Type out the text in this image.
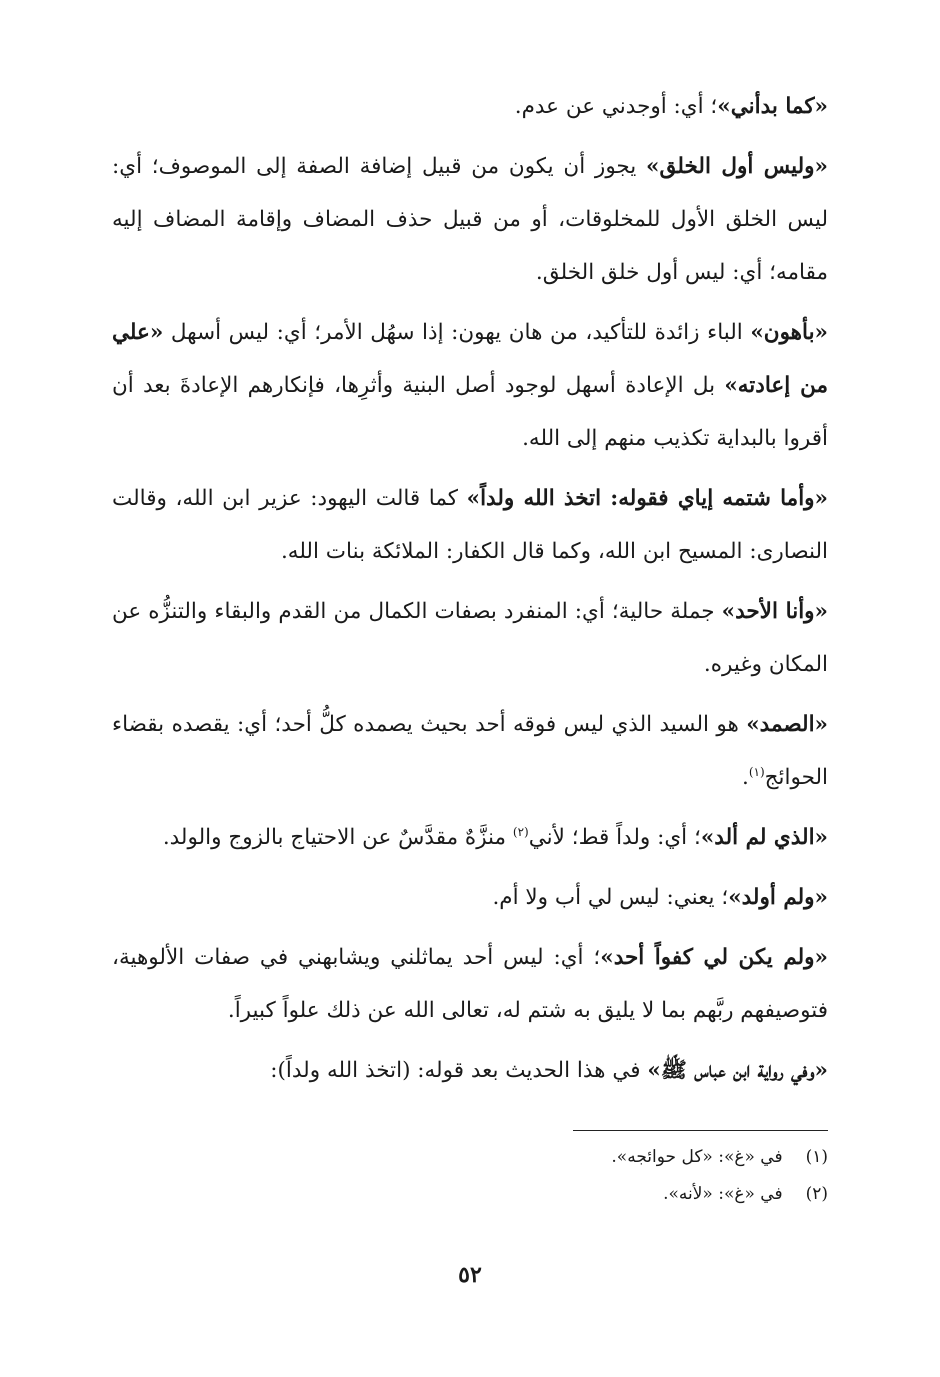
«كما بدأني»؛ أي: أوجدني عن عدم.

«وليس أول الخلق» يجوز أن يكون من قبيل إضافة الصفة إلى الموصوف؛ أي: ليس الخلق الأول للمخلوقات، أو من قبيل حذف المضاف وإقامة المضاف إليه مقامه؛ أي: ليس أول خلق الخلق.

«بأهون» الباء زائدة للتأكيد، من هان يهون: إذا سهُل الأمر؛ أي: ليس أسهل «علي من إعادته» بل الإعادة أسهل لوجود أصل البنية وأثرِها، فإنكارهم الإعادةَ بعد أن أقروا بالبداية تكذيب منهم إلى الله.

«وأما شتمه إياي فقوله: اتخذ الله ولداً» كما قالت اليهود: عزير ابن الله، وقالت النصارى: المسيح ابن الله، وكما قال الكفار: الملائكة بنات الله.

«وأنا الأحد» جملة حالية؛ أي: المنفرد بصفات الكمال من القدم والبقاء والتنزُّه عن المكان وغيره.

«الصمد» هو السيد الذي ليس فوقه أحد بحيث يصمده كلُّ أحد؛ أي: يقصده بقضاء الحوائج$^{(١)}$.

«الذي لم ألد»؛ أي: ولداً قط؛ لأني$^{(٢)}$ منزَّهٌ مقدَّسٌ عن الاحتياج بالزوج والولد.

«ولم أولد»؛ يعني: ليس لي أب ولا أم.

«ولم يكن لي كفواً أحد»؛ أي: ليس أحد يماثلني ويشابهني في صفات الألوهية، فتوصيفهم ربَّهم بما لا يليق به شتم له، تعالى الله عن ذلك علواً كبيراً.

«وفي رواية ابن عباس ﷺ» في هذا الحديث بعد قوله: (اتخذ الله ولداً):

(١) في «غ»: «كل حوائجه».

(٢) في «غ»: «لأنه».

٥٢
